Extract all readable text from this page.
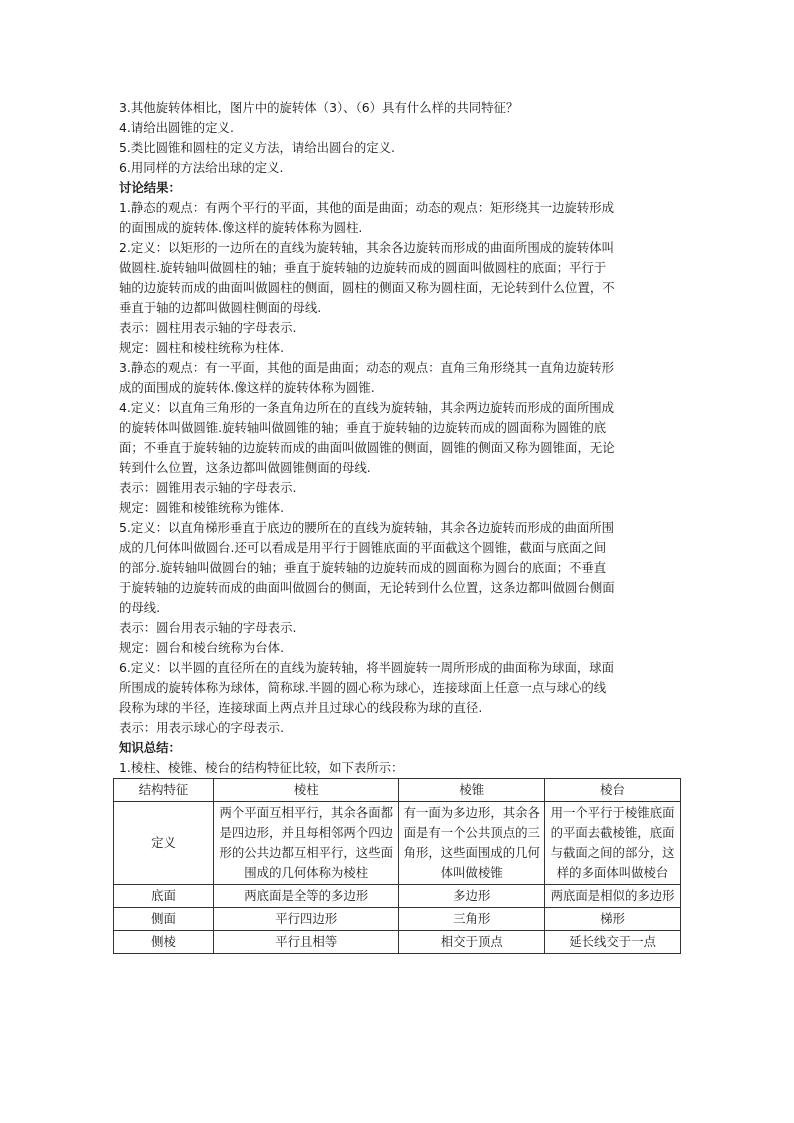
3.其他旋转体相比，图片中的旋转体（3）、（6）具有什么样的共同特征？
4.请给出圆锥的定义.
5.类比圆锥和圆柱的定义方法，请给出圆台的定义.
6.用同样的方法给出球的定义.
讨论结果：
1.静态的观点：有两个平行的平面，其他的面是曲面；动态的观点：矩形绕其一边旋转形成
的面围成的旋转体.像这样的旋转体称为圆柱.
2.定义：以矩形的一边所在的直线为旋转轴，其余各边旋转而形成的曲面所围成的旋转体叫
做圆柱.旋转轴叫做圆柱的轴；垂直于旋转轴的边旋转而成的圆面叫做圆柱的底面；平行于
轴的边旋转而成的曲面叫做圆柱的侧面，圆柱的侧面又称为圆柱面，无论转到什么位置，不
垂直于轴的边都叫做圆柱侧面的母线.
表示：圆柱用表示轴的字母表示.
规定：圆柱和棱柱统称为柱体.
3.静态的观点：有一平面，其他的面是曲面；动态的观点：直角三角形绕其一直角边旋转形
成的面围成的旋转体.像这样的旋转体称为圆锥.
4.定义：以直角三角形的一条直角边所在的直线为旋转轴，其余两边旋转而形成的面所围成
的旋转体叫做圆锥.旋转轴叫做圆锥的轴；垂直于旋转轴的边旋转而成的圆面称为圆锥的底
面；不垂直于旋转轴的边旋转而成的曲面叫做圆锥的侧面，圆锥的侧面又称为圆锥面，无论
转到什么位置，这条边都叫做圆锥侧面的母线.
表示：圆锥用表示轴的字母表示.
规定：圆锥和棱锥统称为锥体.
5.定义：以直角梯形垂直于底边的腰所在的直线为旋转轴，其余各边旋转而形成的曲面所围
成的几何体叫做圆台.还可以看成是用平行于圆锥底面的平面截这个圆锥，截面与底面之间
的部分.旋转轴叫做圆台的轴；垂直于旋转轴的边旋转而成的圆面称为圆台的底面；不垂直
于旋转轴的边旋转而成的曲面叫做圆台的侧面，无论转到什么位置，这条边都叫做圆台侧面
的母线.
表示：圆台用表示轴的字母表示.
规定：圆台和棱台统称为台体.
6.定义：以半圆的直径所在的直线为旋转轴，将半圆旋转一周所形成的曲面称为球面，球面
所围成的旋转体称为球体，简称球.半圆的圆心称为球心，连接球面上任意一点与球心的线
段称为球的半径，连接球面上两点并且过球心的线段称为球的直径.
表示：用表示球心的字母表示.
知识总结：
1.棱柱、棱锥、棱台的结构特征比较，如下表所示：
结构特征	棱柱	棱锥	棱台
定义	两个平面互相平行，其余各面都是四边形，并且每相邻两个四边形的公共边都互相平行，这些面围成的几何体称为棱柱	有一面为多边形，其余各面是有一个公共顶点的三角形，这些面围成的几何体叫做棱锥	用一个平行于棱锥底面的平面去截棱锥，底面与截面之间的部分，这样的多面体叫做棱台
底面	两底面是全等的多边形	多边形	两底面是相似的多边形
侧面	平行四边形	三角形	梯形
侧棱	平行且相等	相交于顶点	延长线交于一点
